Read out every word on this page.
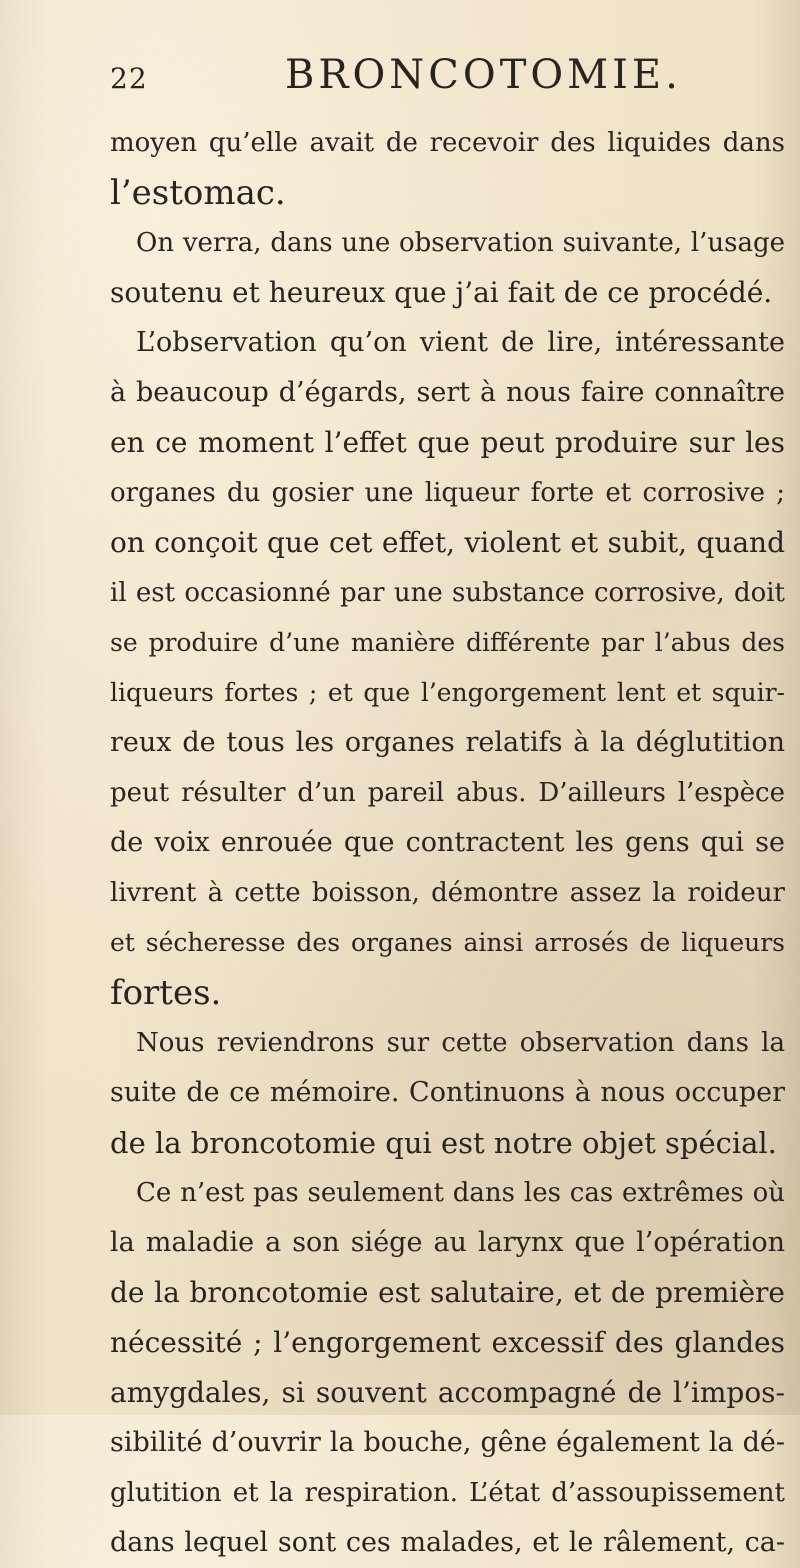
22	BRONCOTOMIE.
moyen qu’elle avait de recevoir des liquides dans
l’estomac.
On verra, dans une observation suivante, l’usage
soutenu et heureux que j’ai fait de ce procédé.
L’observation qu’on vient de lire, intéressante
à beaucoup d’égards, sert à nous faire connaître
en ce moment l’effet que peut produire sur les
organes du gosier une liqueur forte et corrosive ;
on conçoit que cet effet, violent et subit, quand
il est occasionné par une substance corrosive, doit
se produire d’une manière différente par l’abus des
liqueurs fortes ; et que l’engorgement lent et squir-
reux de tous les organes relatifs à la déglutition
peut résulter d’un pareil abus. D’ailleurs l’espèce
de voix enrouée que contractent les gens qui se
livrent à cette boisson, démontre assez la roideur
et sécheresse des organes ainsi arrosés de liqueurs
fortes.
Nous reviendrons sur cette observation dans la
suite de ce mémoire. Continuons à nous occuper
de la broncotomie qui est notre objet spécial.
Ce n’est pas seulement dans les cas extrêmes où
la maladie a son siége au larynx que l’opération
de la broncotomie est salutaire, et de première
nécessité ; l’engorgement excessif des glandes
amygdales, si souvent accompagné de l’impos-
sibilité d’ouvrir la bouche, gêne également la dé-
glutition et la respiration. L’état d’assoupissement
dans lequel sont ces malades, et le râlement, ca-
